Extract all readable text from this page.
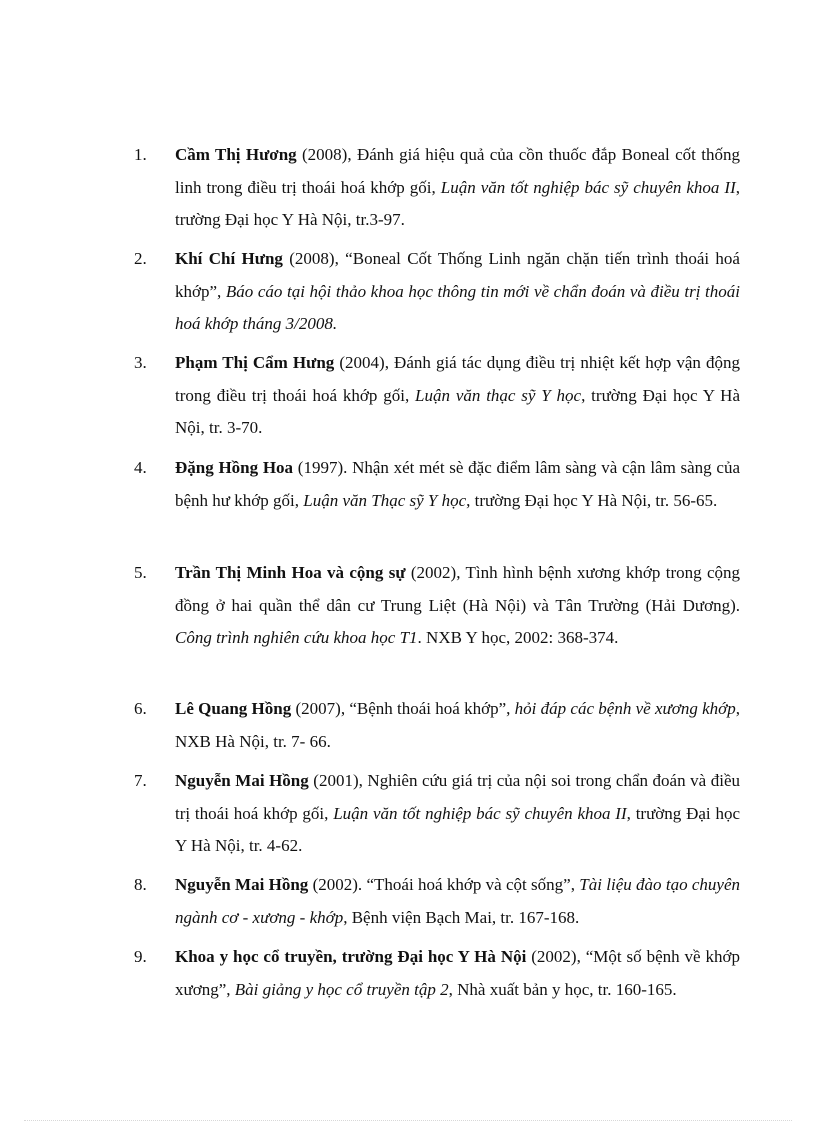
1.	Cầm Thị Hương (2008), Đánh giá hiệu quả của cồn thuốc đắp Boneal cốt thống linh trong điều trị thoái hoá khớp gối, Luận văn tốt nghiệp bác sỹ chuyên khoa II, trường Đại học Y Hà Nội, tr.3-97.
2.	Khí Chí Hưng (2008), “Boneal Cốt Thống Linh ngăn chặn tiến trình thoái hoá khớp”, Báo cáo tại hội thảo khoa học thông tin mới về chẩn đoán và điều trị thoái hoá khớp tháng 3/2008.
3.	Phạm Thị Cẩm Hưng (2004), Đánh giá tác dụng điều trị nhiệt kết hợp vận động trong điều trị thoái hoá khớp gối, Luận văn thạc sỹ Y học, trường Đại học Y Hà Nội, tr. 3-70.
4.	Đặng Hồng Hoa (1997). Nhận xét mét sè đặc điểm lâm sàng và cận lâm sàng của bệnh hư khớp gối, Luận văn Thạc sỹ Y học, trường Đại học Y Hà Nội, tr. 56-65.
5.	Trần Thị Minh Hoa và cộng sự (2002), Tình hình bệnh xương khớp trong cộng đồng ở hai quần thể dân cư Trung Liệt (Hà Nội) và Tân Trường (Hải Dương). Công trình nghiên cứu khoa học T1. NXB Y học, 2002: 368-374.
6.	Lê Quang Hồng (2007), “Bệnh thoái hoá khớp”, hỏi đáp các bệnh về xương khớp, NXB Hà Nội, tr. 7- 66.
7.	Nguyễn Mai Hồng (2001), Nghiên cứu giá trị của nội soi trong chẩn đoán và điều trị thoái hoá khớp gối, Luận văn tốt nghiệp bác sỹ chuyên khoa II, trường Đại học Y Hà Nội, tr. 4-62.
8.	Nguyễn Mai Hồng (2002). “Thoái hoá khớp và cột sống”, Tài liệu đào tạo chuyên ngành cơ - xương - khớp, Bệnh viện Bạch Mai, tr. 167-168.
9.	Khoa y học cổ truyền, trường Đại học Y Hà Nội (2002), “Một số bệnh về khớp xương”, Bài giảng y học cổ truyền tập 2, Nhà xuất bản y học, tr. 160-165.
